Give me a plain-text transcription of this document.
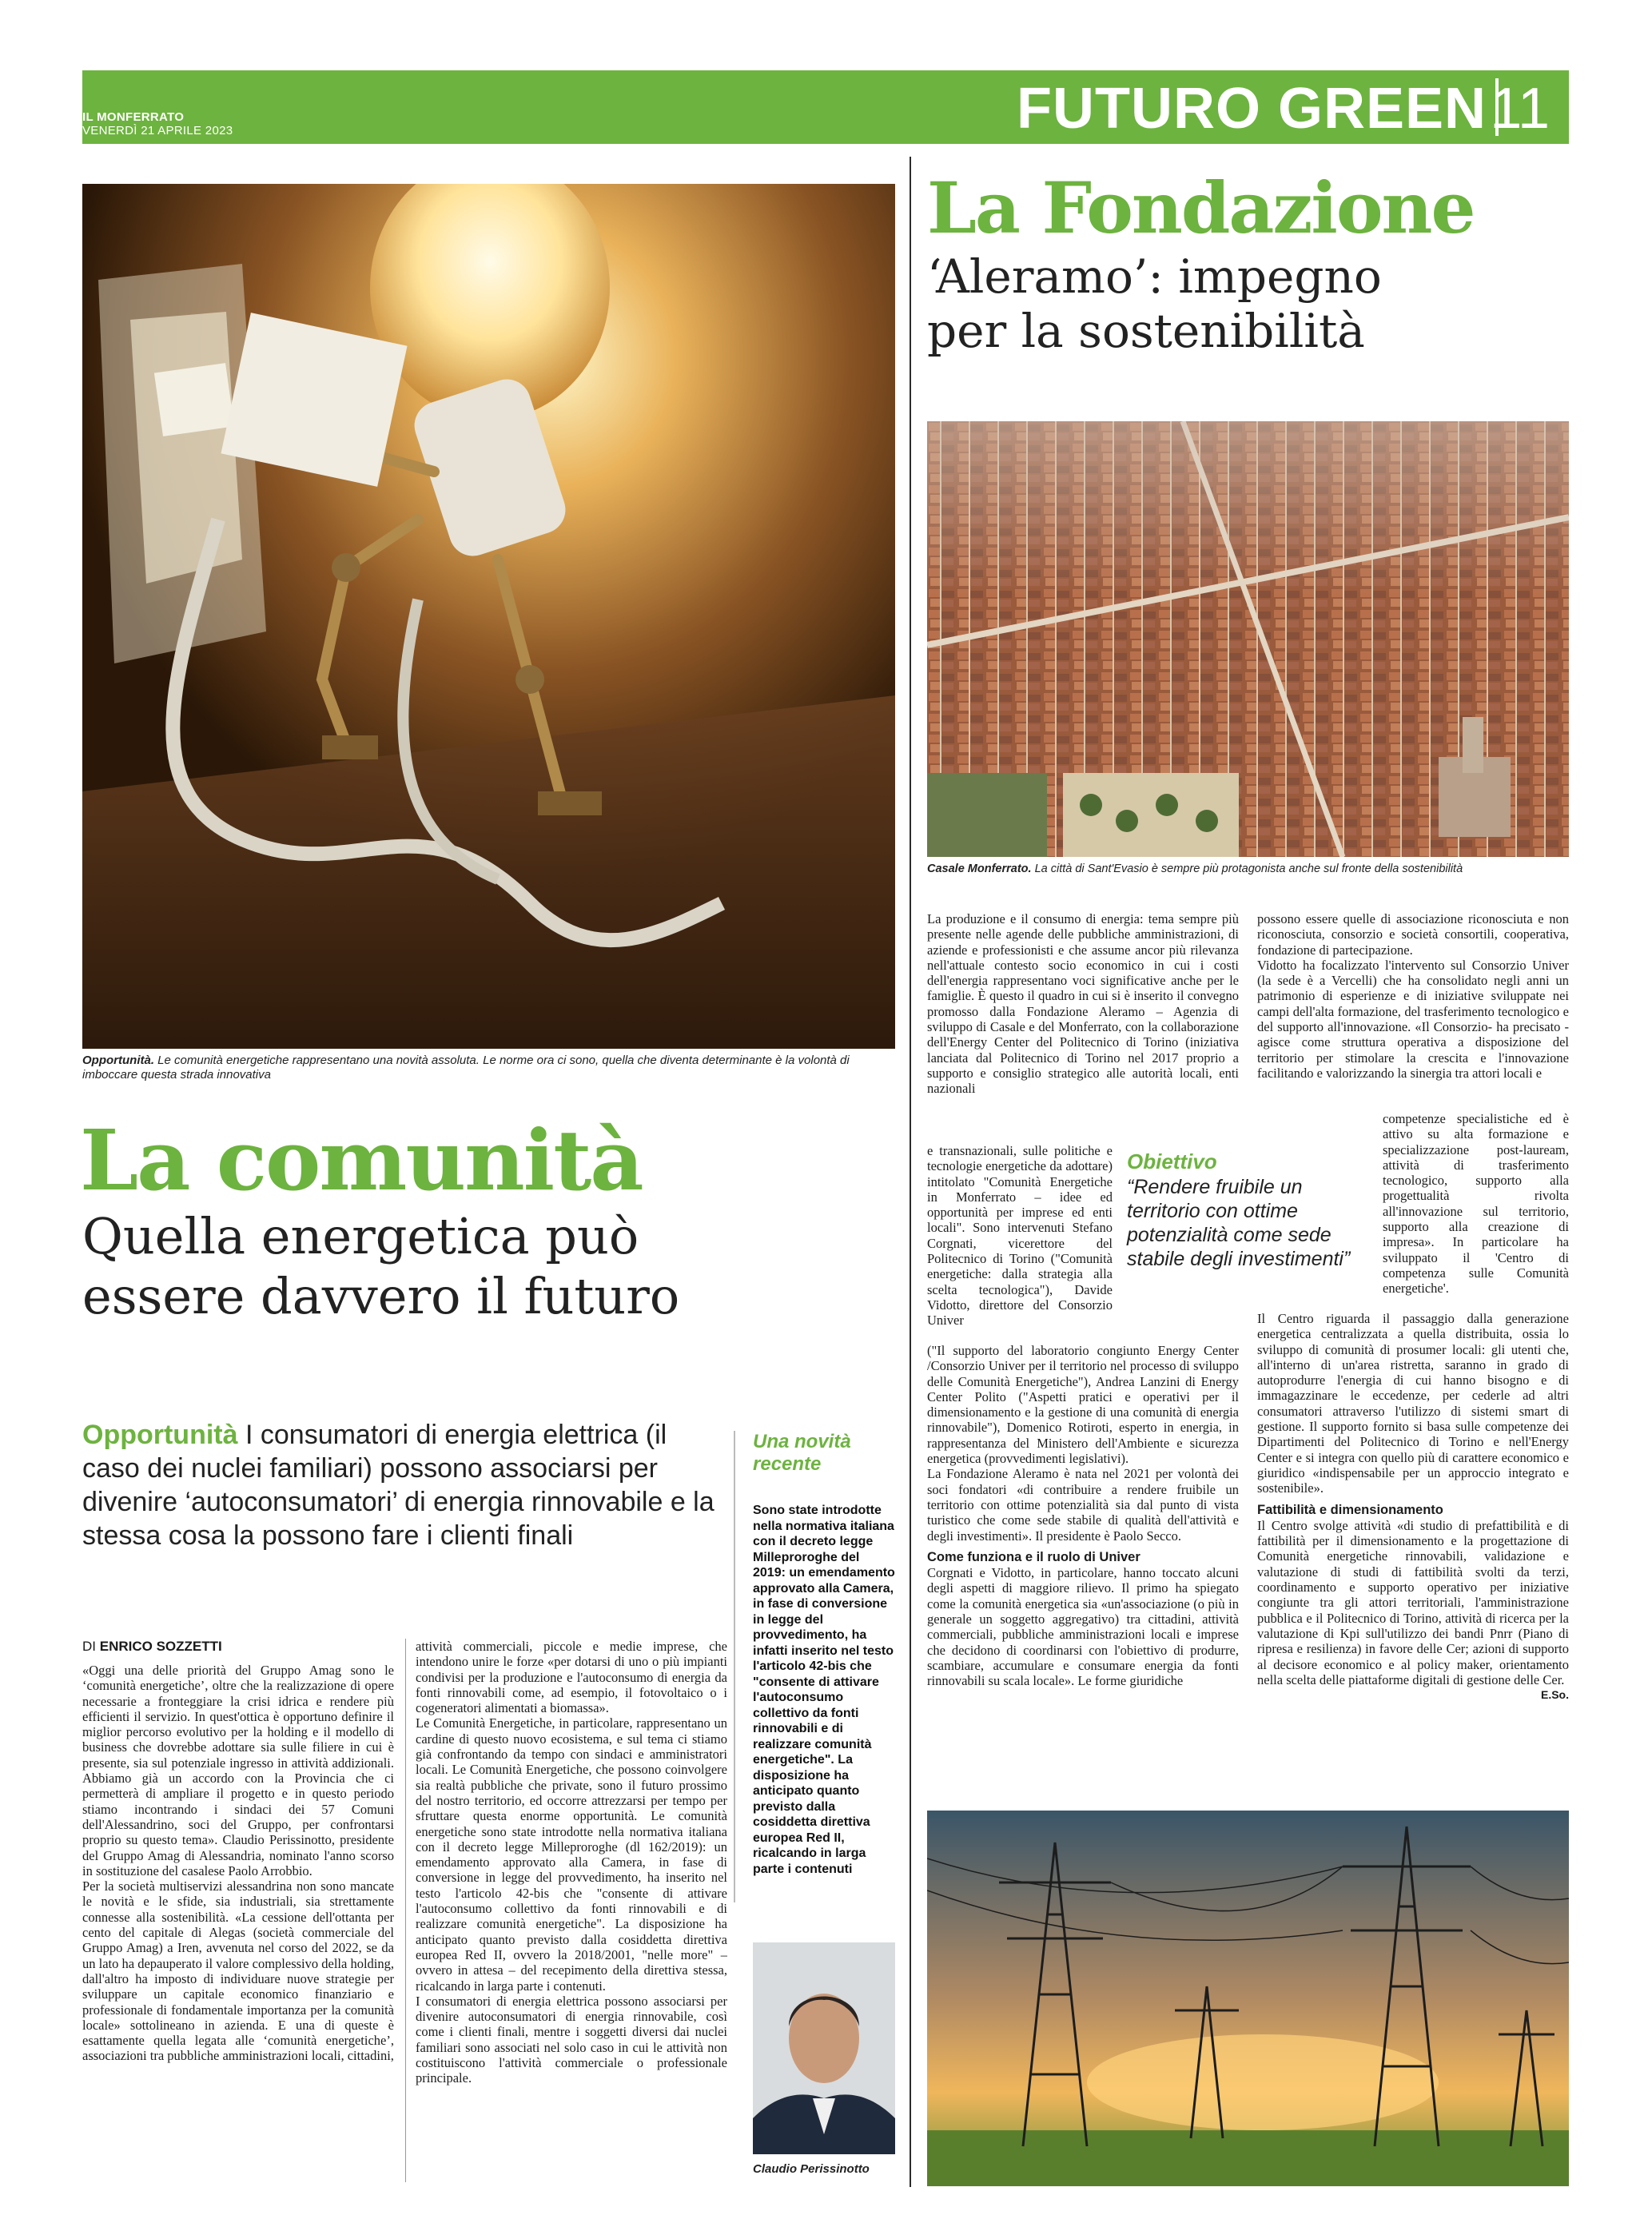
IL MONFERRATO
VENERDÌ 21 APRILE 2023	FUTURO GREEN 11
Opportunità. Le comunità energetiche rappresentano una novità assoluta. Le norme ora ci sono, quella che diventa determinante è la volontà di imboccare questa strada innovativa
La comunità
Quella energetica può
essere davvero il futuro
Opportunità I consumatori di energia elettrica (il caso dei nuclei familiari) possono associarsi per divenire ‘autoconsumatori’ di energia rinnovabile e la stessa cosa la possono fare i clienti finali
Una novità recente
Sono state introdotte nella normativa italiana con il decreto legge Milleproroghe del 2019: un emendamento approvato alla Camera, in fase di conversione in legge del provvedimento, ha infatti inserito nel testo l'articolo 42-bis che "consente di attivare l'autoconsumo collettivo da fonti rinnovabili e di realizzare comunità energetiche". La disposizione ha anticipato quanto previsto dalla cosiddetta direttiva europea Red II, ricalcando in larga parte i contenuti
DI ENRICO SOZZETTI

«Oggi una delle priorità del Gruppo Amag sono le ‘comunità energetiche’, oltre che la realizzazione di opere necessarie a fronteggiare la crisi idrica e rendere più efficienti il servizio. In quest'ottica è opportuno definire il miglior percorso evolutivo per la holding e il modello di business che dovrebbe adottare sia sulle filiere in cui è presente, sia sul potenziale ingresso in attività addizionali. Abbiamo già un accordo con la Provincia che ci permetterà di ampliare il progetto e in questo periodo stiamo incontrando i sindaci dei 57 Comuni dell'Alessandrino, soci del Gruppo, per confrontarsi proprio su questo tema». Claudio Perissinotto, presidente del Gruppo Amag di Alessandria, nominato l'anno scorso in sostituzione del casalese Paolo Arrobbio.

Per la società multiservizi alessandrina non sono mancate le novità e le sfide, sia industriali, sia strettamente connesse alla sostenibilità. «La cessione dell'ottanta per cento del capitale di Alegas (società commerciale del Gruppo Amag) a Iren, avvenuta nel corso del 2022, se da un lato ha depauperato il valore complessivo della holding, dall'altro ha imposto di individuare nuove strategie per sviluppare un capitale economico finanziario e professionale di fondamentale importanza per la comunità locale» sottolineano in azienda. E una di queste è esattamente quella legata alle ‘comunità energetiche’, associazioni tra pubbliche amministrazioni locali, cittadini,

attività commerciali, piccole e medie imprese, che intendono unire le forze «per dotarsi di uno o più impianti condivisi per la produzione e l'autoconsumo di energia da fonti rinnovabili come, ad esempio, il fotovoltaico o i cogeneratori alimentati a biomassa».

Le Comunità Energetiche, in particolare, rappresentano un cardine di questo nuovo ecosistema, e sul tema ci stiamo già confrontando da tempo con sindaci e amministratori locali. Le Comunità Energetiche, che possono coinvolgere sia realtà pubbliche che private, sono il futuro prossimo del nostro territorio, ed occorre attrezzarsi per tempo per sfruttare questa enorme opportunità. Le comunità energetiche sono state introdotte nella normativa italiana con il decreto legge Milleproroghe (dl 162/2019): un emendamento approvato alla Camera, in fase di conversione in legge del provvedimento, ha inserito nel testo l'articolo 42-bis che "consente di attivare l'autoconsumo collettivo da fonti rinnovabili e di realizzare comunità energetiche". La disposizione ha anticipato quanto previsto dalla cosiddetta direttiva europea Red II, ovvero la 2018/2001, "nelle more" – ovvero in attesa – del recepimento della direttiva stessa, ricalcando in larga parte i contenuti.

I consumatori di energia elettrica possono associarsi per divenire autoconsumatori di energia rinnovabile, così come i clienti finali, mentre i soggetti diversi dai nuclei familiari sono associati nel solo caso in cui le attività non costituiscono l'attività commerciale o professionale principale.

Claudio Perissinotto
La Fondazione
‘Aleramo’: impegno
per la sostenibilità
Casale Monferrato. La città di Sant'Evasio è sempre più protagonista anche sul fronte della sostenibilità

La produzione e il consumo di energia: tema sempre più presente nelle agende delle pubbliche amministrazioni, di aziende e professionisti e che assume ancor più rilevanza nell'attuale contesto socio economico in cui i costi dell'energia rappresentano voci significative anche per le famiglie. È questo il quadro in cui si è inserito il convegno promosso dalla Fondazione Aleramo – Agenzia di sviluppo di Casale e del Monferrato, con la collaborazione dell'Energy Center del Politecnico di Torino (iniziativa lanciata dal Politecnico di Torino nel 2017 proprio a supporto e consiglio strategico alle autorità locali, enti nazionali

e transnazionali, sulle politiche e tecnologie energetiche da adottare) intitolato "Comunità Energetiche in Monferrato – idee ed opportunità per imprese ed enti locali". Sono intervenuti Stefano Corgnati, vicerettore del Politecnico di Torino ("Comunità energetiche: dalla strategia alla scelta tecnologica"), Davide Vidotto, direttore del Consorzio Univer

("Il supporto del laboratorio congiunto Energy Center /Consorzio Univer per il territorio nel processo di sviluppo delle Comunità Energetiche"), Andrea Lanzini di Energy Center Polito ("Aspetti pratici e operativi per il dimensionamento e la gestione di una comunità di energia rinnovabile"), Domenico Rotiroti, esperto in energia, in rappresentanza del Ministero dell'Ambiente e sicurezza energetica (provvedimenti legislativi).

La Fondazione Aleramo è nata nel 2021 per volontà dei soci fondatori «di contribuire a rendere fruibile un territorio con ottime potenzialità sia dal punto di vista turistico che come sede stabile di qualità dell'attività e degli investimenti». Il presidente è Paolo Secco.

Come funziona e il ruolo di Univer

Corgnati e Vidotto, in particolare, hanno toccato alcuni degli aspetti di maggiore rilievo. Il primo ha spiegato come la comunità energetica sia «un'associazione (o più in generale un soggetto aggregativo) tra cittadini, attività commerciali, pubbliche amministrazioni locali e imprese che decidono di coordinarsi con l'obiettivo di produrre, scambiare, accumulare e consumare energia da fonti rinnovabili su scala locale». Le forme giuridiche

Obiettivo
“Rendere fruibile un territorio con ottime potenzialità come sede stabile degli investimenti”

possono essere quelle di associazione riconosciuta e non riconosciuta, consorzio e società consortili, cooperativa, fondazione di partecipazione.

Vidotto ha focalizzato l'intervento sul Consorzio Univer (la sede è a Vercelli) che ha consolidato negli anni un patrimonio di esperienze e di iniziative sviluppate nei campi dell'alta formazione, del trasferimento tecnologico e del supporto all'innovazione. «Il Consorzio- ha precisato - agisce come struttura operativa a disposizione del territorio per stimolare la crescita e l'innovazione facilitando e valorizzando la sinergia tra attori locali e

competenze specialistiche ed è attivo su alta formazione e specializzazione post-lauream, attività di trasferimento tecnologico, supporto alla progettualità rivolta all'innovazione sul territorio, supporto alla creazione di impresa». In particolare ha sviluppato il 'Centro di competenza sulle Comunità energetiche'.

Il Centro riguarda il passaggio dalla generazione energetica centralizzata a quella distribuita, ossia lo sviluppo di comunità di prosumer locali: gli utenti che, all'interno di un'area ristretta, saranno in grado di autoprodurre l'energia di cui hanno bisogno e di immagazzinare le eccedenze, per cederle ad altri consumatori attraverso l'utilizzo di sistemi smart di gestione. Il supporto fornito si basa sulle competenze dei Dipartimenti del Politecnico di Torino e nell'Energy Center e si integra con quello più di carattere economico e giuridico «indispensabile per un approccio integrato e sostenibile».

Fattibilità e dimensionamento

Il Centro svolge attività «di studio di prefattibilità e di fattibilità per il dimensionamento e la progettazione di Comunità energetiche rinnovabili, validazione e valutazione di studi di fattibilità svolti da terzi, coordinamento e supporto operativo per iniziative congiunte tra gli attori territoriali, l'amministrazione pubblica e il Politecnico di Torino, attività di ricerca per la valutazione di Kpi sull'utilizzo dei bandi Pnrr (Piano di ripresa e resilienza) in favore delle Cer; azioni di supporto al decisore economico e al policy maker, orientamento nella scelta delle piattaforme digitali di gestione delle Cer.

E.So.
